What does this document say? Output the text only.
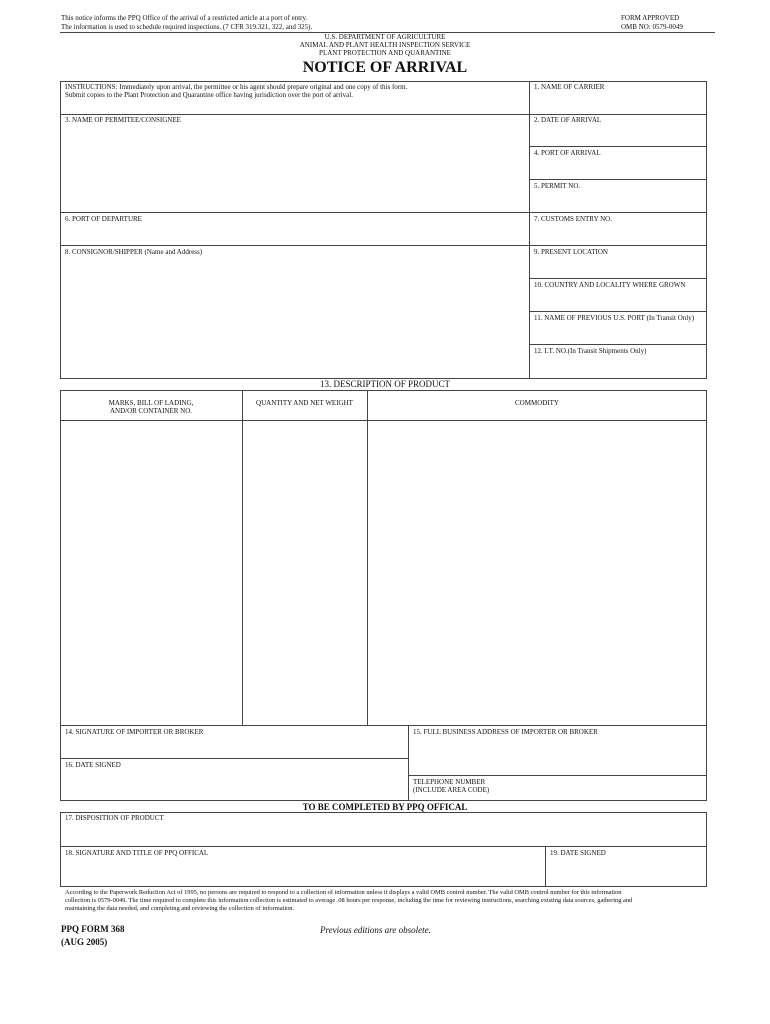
This notice informs the PPQ Office of the arrival of a restricted article at a port of entry.
The information is used to schedule required inspections. (7 CFR 319.321, 322, and 325).
FORM APPROVED
OMB NO: 0579-0049
U.S. DEPARTMENT OF AGRICULTURE
ANIMAL AND PLANT HEALTH INSPECTION SERVICE
PLANT PROTECTION AND QUARANTINE
NOTICE OF ARRIVAL
INSTRUCTIONS: Immediately upon arrival, the permittee or his agent should prepare original and one copy of this form.
Submit copies to the Plant Protection and Quarantine office having jurisdiction over the port of arrival.
1. NAME OF CARRIER
3. NAME OF PERMITEE/CONSIGNEE	2. DATE OF ARRIVAL
4. PORT OF ARRIVAL
5. PERMIT NO.
6. PORT OF DEPARTURE	7. CUSTOMS ENTRY NO.
8. CONSIGNOR/SHIPPER (Name and Address)	9. PRESENT LOCATION
10. COUNTRY AND LOCALITY WHERE GROWN
11. NAME OF PREVIOUS U.S. PORT (In Transit Only)
12. I.T. NO.(In Transit Shipments Only)
13. DESCRIPTION OF PRODUCT
MARKS, BILL OF LADING,
AND/OR CONTAINER NO.
QUANTITY AND NET WEIGHT	COMMODITY
14. SIGNATURE OF IMPORTER OR BROKER	15. FULL BUSINESS ADDRESS OF IMPORTER OR BROKER
16. DATE SIGNED
TELEPHONE NUMBER
(INCLUDE AREA CODE)
TO BE COMPLETED BY PPQ OFFICAL
17. DISPOSITION OF PRODUCT
18. SIGNATURE AND TITLE OF PPQ OFFICAL	19. DATE SIGNED
According to the Paperwork Reduction Act of 1995, no persons are required to respond to a collection of information unless it displays a valid OMB control number. The valid OMB control number for this information
collection is 0579-0049. The time required to complete this information collection is estimated to average .08 hours per response, including the time for reviewing instructions, searching existing data sources, gathering and
maintaining the data needed, and completing and reviewing the collection of information.
PPQ FORM 368
(AUG 2005)
Previous editions are obsolete.
